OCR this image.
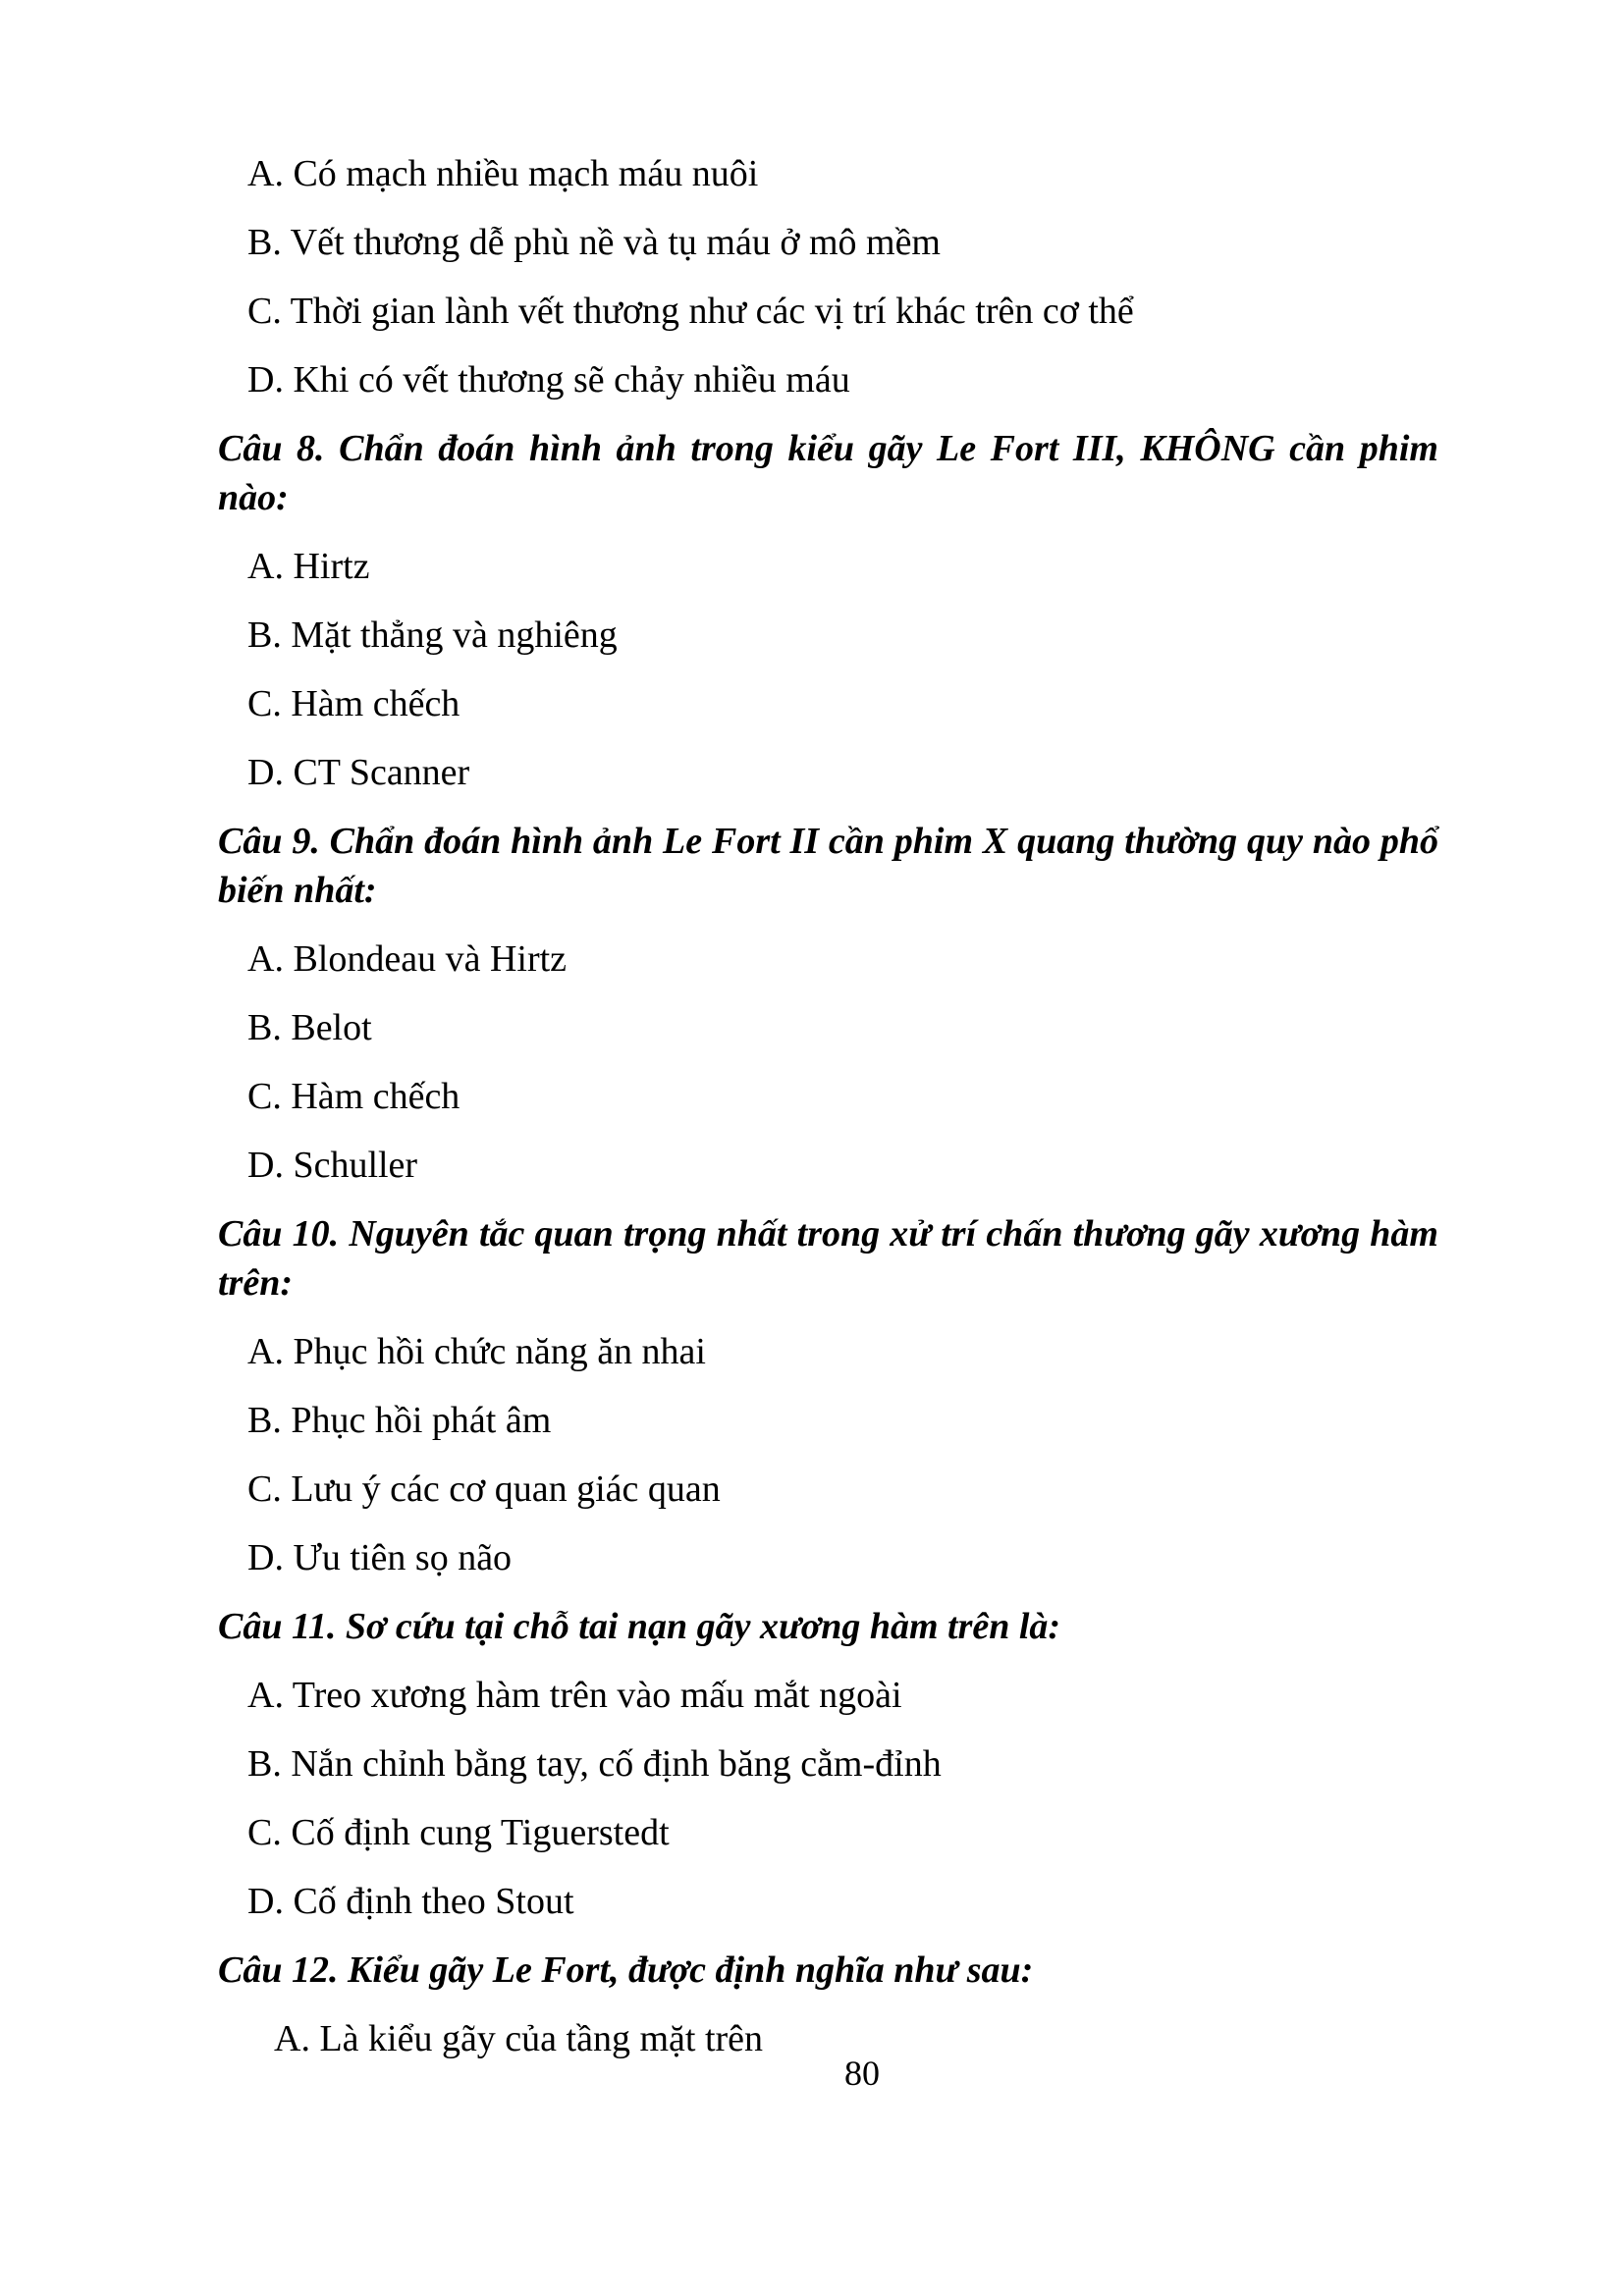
A. Có mạch nhiều mạch máu nuôi

B. Vết thương dễ phù nề và tụ máu ở mô mềm

C. Thời gian lành vết thương như các vị trí khác trên cơ thể

D. Khi có vết thương sẽ chảy nhiều máu

Câu 8. Chẩn đoán hình ảnh trong kiểu gãy Le Fort III, KHÔNG cần phim nào:

A. Hirtz

B. Mặt thẳng và nghiêng

C. Hàm chếch

D. CT Scanner

Câu 9. Chẩn đoán hình ảnh Le Fort II cần phim X quang thường quy nào phổ biến nhất:

A. Blondeau và Hirtz

B. Belot

C. Hàm chếch

D. Schuller

Câu 10. Nguyên tắc quan trọng nhất trong xử trí chấn thương gãy xương hàm trên:

A. Phục hồi chức năng ăn nhai

B. Phục hồi phát âm

C. Lưu ý các cơ quan giác quan

D. Ưu tiên sọ não

Câu 11. Sơ cứu tại chỗ tai nạn gãy xương hàm trên là:

A. Treo xương hàm trên vào mấu mắt ngoài

B. Nắn chỉnh bằng tay, cố định băng cằm-đỉnh

C. Cố định cung Tiguerstedt

D. Cố định theo Stout

Câu 12. Kiểu gãy Le Fort, được định nghĩa như sau:

A. Là kiểu gãy của tầng mặt trên

80
